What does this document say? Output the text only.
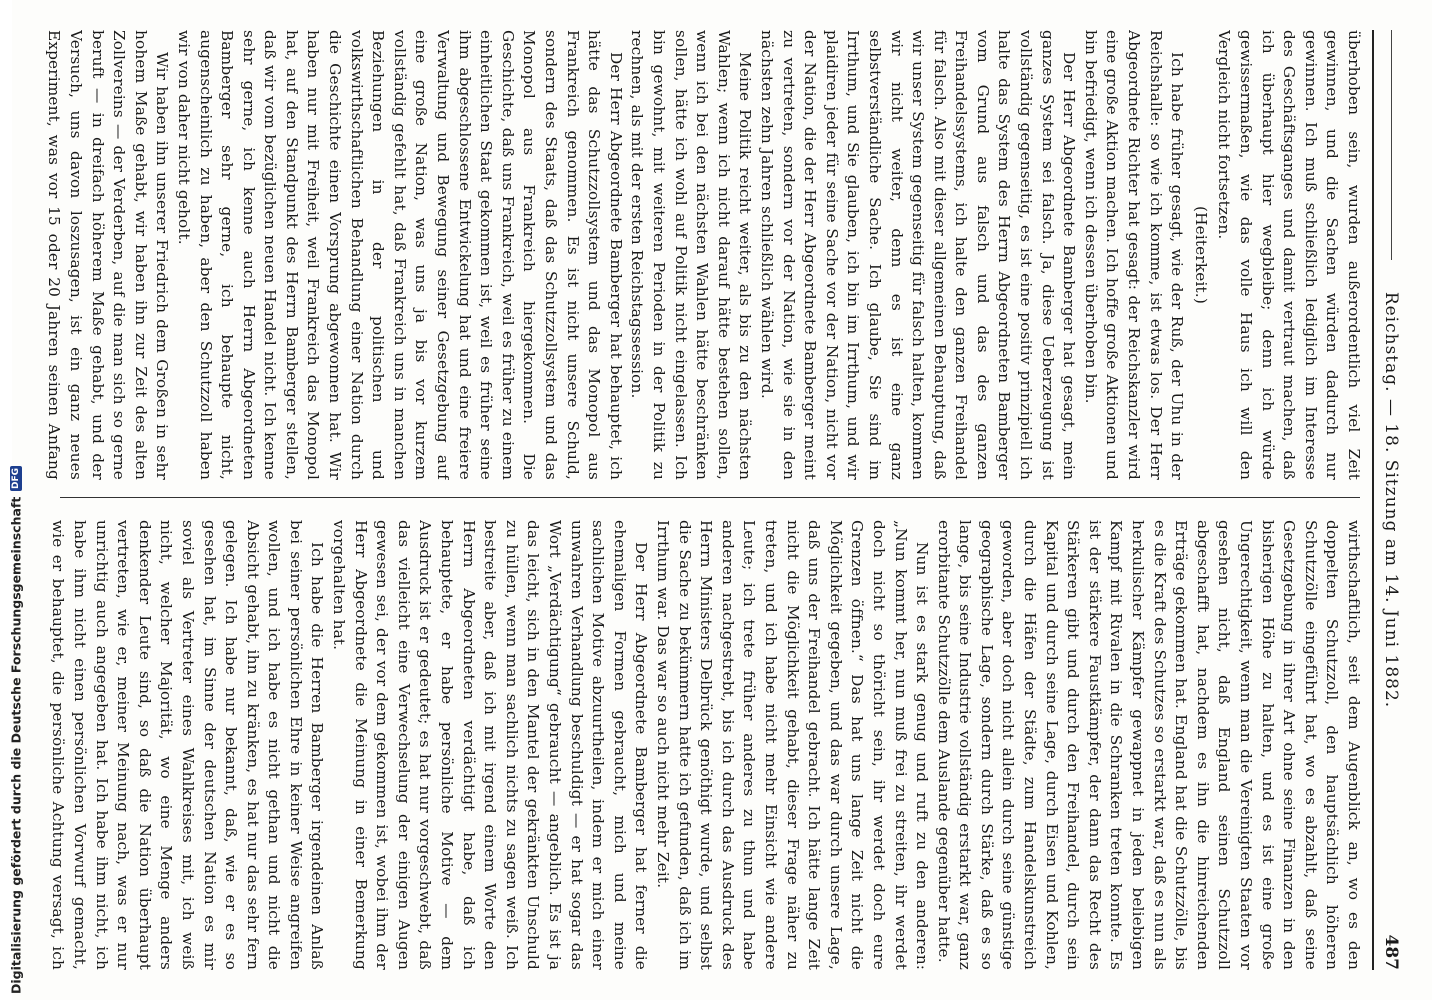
Reichstag. — 18. Sitzung am 14. Juni 1882.
487

überhoben sein, wurden außerordentlich viel Zeit gewinnen, und die Sachen würden dadurch nur gewinnen. Ich muß schließlich lediglich im Interesse des Geschäftsganges und damit vertraut machen, daß ich überhaupt hier wegbleibe; denn ich würde gewissermaßen, wie das volle Haus ich will den Vergleich nicht fortsetzen.

(Heiterkeit.)

Ich habe früher gesagt, wie der Ruß, der Uhu in der Reichshalle: so wie ich komme, ist etwas los. Der Herr Abgeordnete Richter hat gesagt: der Reichskanzler wird eine große Aktion machen. Ich hoffe große Aktionen und bin befriedigt, wenn ich dessen überhoben bin.

Der Herr Abgeordnete Bamberger hat gesagt, mein ganzes System sei falsch. Ja, diese Ueberzeugung ist vollständig gegenseitig, es ist eine positiv prinzipiell ich halte das System des Herrn Abgeordneten Bamberger vom Grund aus falsch und das des ganzen Freihandelssystems, ich halte den ganzen Freihandel für falsch. Also mit dieser allgemeinen Behauptung, daß wir unser System gegenseitig für falsch halten, kommen wir nicht weiter, denn es ist eine ganz selbstverständliche Sache. Ich glaube, Sie sind im Irrthum, und Sie glauben, ich bin im Irrthum, und wir plaidiren jeder für seine Sache vor der Nation, nicht vor der Nation, die der Herr Abgeordnete Bamberger meint zu vertreten, sondern vor der Nation, wie sie in den nächsten zehn Jahren schließlich wählen wird.

Meine Politik reicht weiter, als bis zu den nächsten Wahlen; wenn ich nicht darauf hätte bestehen sollen, wenn ich bei den nächsten Wahlen hätte beschränken sollen, hätte ich wohl auf Politik nicht eingelassen. Ich bin gewohnt, mit weiteren Perioden in der Politik zu rechnen, als mit der ersten Reichstagssession.

Der Herr Abgeordnete Bamberger hat behauptet, ich hätte das Schutzzollsystem und das Monopol aus Frankreich genommen. Es ist nicht unsere Schuld, sondern des Staats, daß das Schutzzollsystem und das Monopol aus Frankreich hiergekommen. Die Geschichte, daß uns Frankreich, weil es früher zu einem einheitlichen Staat gekommen ist, weil es früher seine ihm abgeschlossene Entwickelung hat und eine freiere Verwaltung und Bewegung seiner Gesetzgebung auf eine große Nation, was uns ja bis vor kurzem vollständig gefehlt hat, daß Frankreich uns in manchen Beziehungen in der politischen und volkswirthschaftlichen Behandlung einer Nation durch die Geschichte einen Vorsprung abgewonnen hat. Wir haben nur mit Freiheit, weil Frankreich das Monopol hat, auf den Standpunkt des Herrn Bamberger stellen, daß wir vom bezüglichen neuen Handel nicht. Ich kenne sehr gerne, ich kenne auch Herrn Abgeordneten Bamberger sehr gerne, ich behaupte nicht, augenscheinlich zu haben, aber den Schutzzoll haben wir von daher nicht geholt.

Wir haben ihn unserer Friedrich dem Großen in sehr hohem Maße gehabt, wir haben ihn zur Zeit des alten Zollvereins — der Verderben, auf die man sich so gerne beruft — in dreifach höherem Maße gehabt, und der Versuch, uns davon loszusagen, ist ein ganz neues Experiment, was vor 15 oder 20 Jahren seinen Anfang

wirthschaftlich, seit dem Augenblick an, wo es den doppelten Schutzzoll, den hauptsächlich höheren Schutzzölle eingeführt hat, wo es abzahlt, daß seine Gesetzgebung in ihrer Art ohne seine Finanzen in den bisherigen Höhe zu halten, und es ist eine große Ungerechtigkeit, wenn man die Vereinigten Staaten vor gesehen nicht, daß England seinen Schutzzoll abgeschafft hat, nachdem es ihn die hinreichenden Erträge gekommen hat. England hat die Schutzzölle, bis es die Kraft des Schutzes so erstarkt war, daß es nun als herkulischer Kämpfer gewappnet in jeden beliebigen Kampf mit Rivalen in die Schranken treten konnte. Es ist der stärkere Faustkämpfer, der dann das Recht des Stärkeren gibt und durch den Freihandel, durch sein Kapital und durch seine Lage, durch Eisen und Kohlen, durch die Häfen der Städte, zum Handelskunstreich geworden, aber doch nicht allein durch seine günstige geographische Lage, sondern durch Stärke, daß es so lange, bis seine Industrie vollständig erstarkt war, ganz erorbitante Schutzzölle dem Auslande gegenüber hatte.

Nun ist es stark genug und ruft zu den anderen: „Nun kommt her, nun muß frei zu streiten, ihr werdet doch nicht so thöricht sein, ihr werdet doch eure Grenzen öffnen.“ Das hat uns lange Zeit nicht die Möglichkeit gegeben, und das war durch unsere Lage, daß uns der Freihandel gebracht. Ich hätte lange Zeit nicht die Möglichkeit gehabt, dieser Frage näher zu treten, und ich habe nicht mehr Einsicht wie andere Leute; ich trete früher anderes zu thun und habe anderen nachgestrebt, bis ich durch das Ausdruck des Herrn Ministers Delbrück genöthigt wurde, und selbst die Sache zu bekümmern hatte ich gefunden, daß ich im Irrthum war. Das war so auch nicht mehr Zeit.

Der Herr Abgeordnete Bamberger hat ferner die ehemaligen Formen gebraucht, mich und meine sachlichen Motive abzuurtheilen, indem er mich einer unwahren Verhandlung beschuldigt — er hat sogar das Wort „Verdächtigung“ gebraucht — angeblich. Es ist ja das leicht, sich in den Mantel der gekränkten Unschuld zu hüllen, wenn man sachlich nichts zu sagen weiß. Ich bestreite aber, daß ich mit irgend einem Worte den Herrn Abgeordneten verdächtigt habe, daß ich behauptete, er habe persönliche Motive — dem Ausdruck ist er gedeutet; es hat nur vorgeschwebt, daß das vielleicht eine Verwechselung der einigen Augen gewesen sei, der vor dem gekommen ist, wobei ihm der Herr Abgeordnete die Meinung in einer Bemerkung vorgehalten hat.

Ich habe die Herren Bamberger irgendeinen Anlaß bei seiner persönlichen Ehre in keiner Weise angreifen wollen, und ich habe es nicht gethan und nicht die Absicht gehabt, ihn zu kränken, es hat nur das sehr fern gelegen. Ich habe nur bekannt, daß, wie er es so gesehen hat, im Sinne der deutschen Nation es mir soviel als Vertreter eines Wahlkreises mit, ich weiß nicht, welcher Majorität, wo eine Menge anders denkender Leute sind, so daß die Nation überhaupt vertreten, wie er, meiner Meinung nach, was er nur unrichtig auch angegeben hat. Ich habe ihm nicht, ich habe ihm nicht einen persönlichen Vorwurf gemacht, wie er behauptet, die persönliche Achtung versagt, ich

Digitalisierung gefördert durch die Deutsche Forschungsgemeinschaft
DFG
